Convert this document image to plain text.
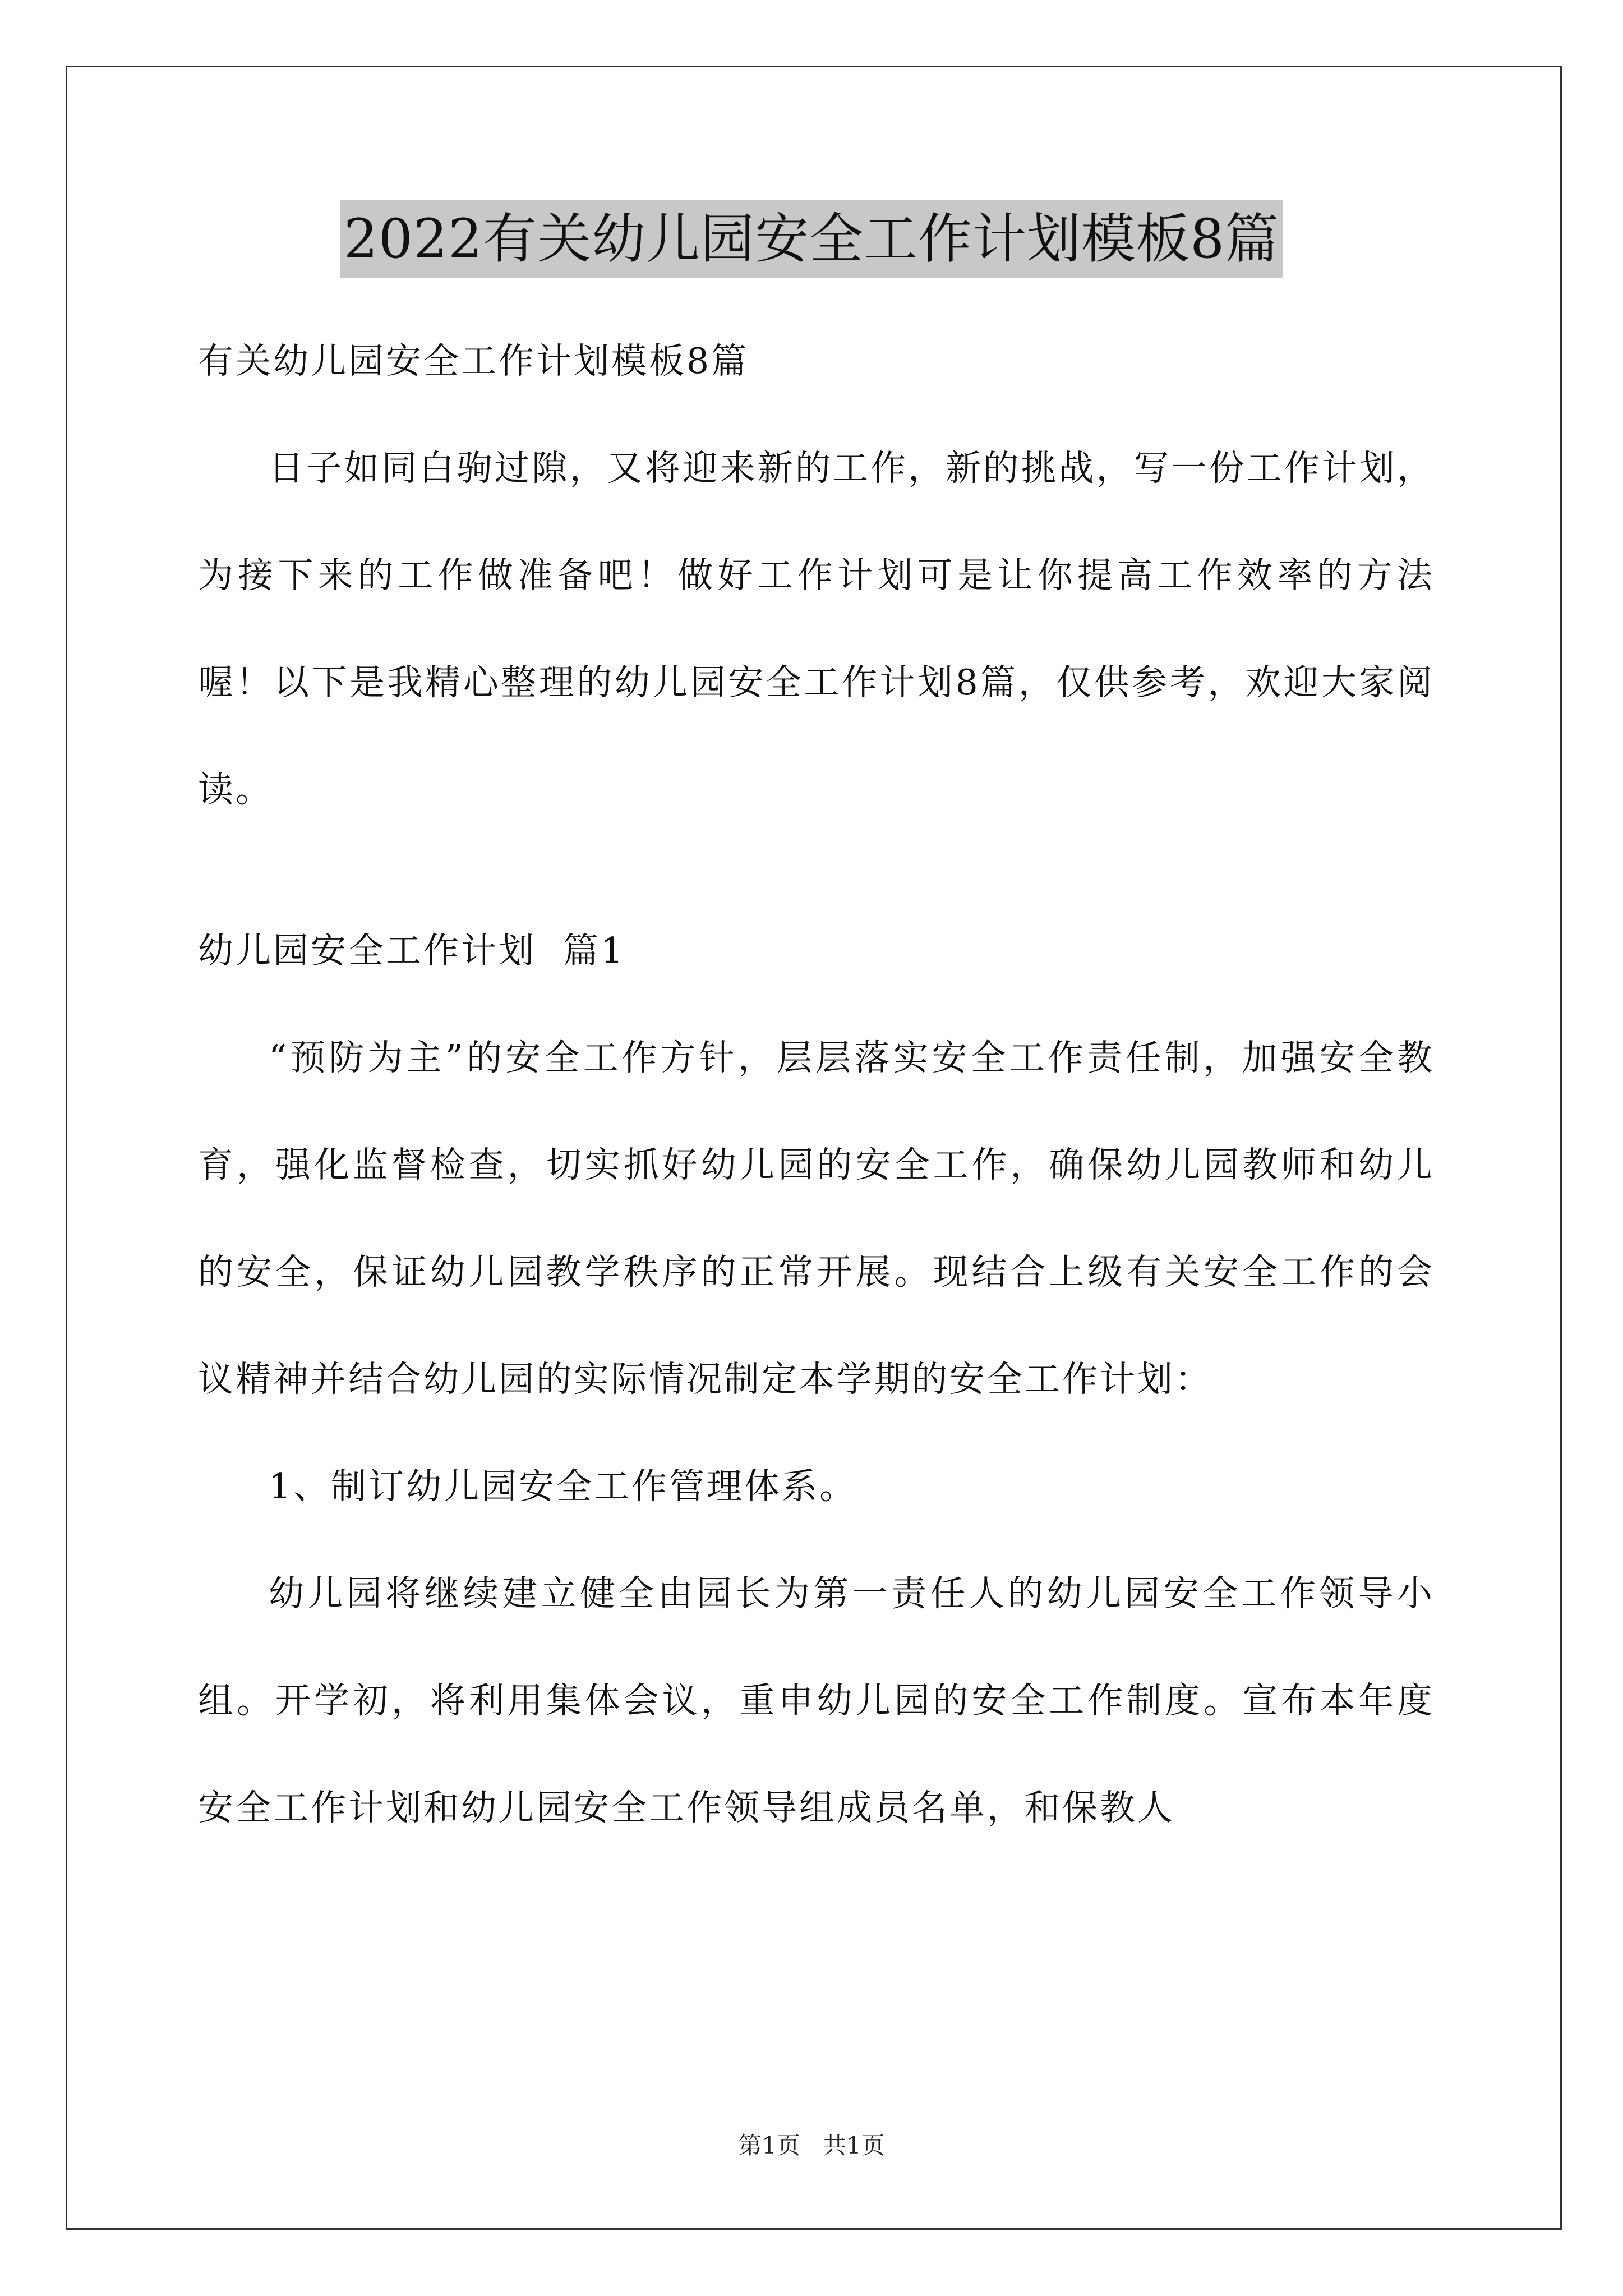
2022有关幼儿园安全工作计划模板8篇

有关幼儿园安全工作计划模板8篇

日子如同白驹过隙，又将迎来新的工作，新的挑战，写一份工作计划，为接下来的工作做准备吧！做好工作计划可是让你提高工作效率的方法喔！以下是我精心整理的幼儿园安全工作计划8篇，仅供参考，欢迎大家阅读。

幼儿园安全工作计划  篇1

“预防为主”的安全工作方针，层层落实安全工作责任制，加强安全教育，强化监督检查，切实抓好幼儿园的安全工作，确保幼儿园教师和幼儿的安全，保证幼儿园教学秩序的正常开展。现结合上级有关安全工作的会议精神并结合幼儿园的实际情况制定本学期的安全工作计划：

1、制订幼儿园安全工作管理体系。

幼儿园将继续建立健全由园长为第一责任人的幼儿园安全工作领导小组。开学初，将利用集体会议，重申幼儿园的安全工作制度。宣布本年度安全工作计划和幼儿园安全工作领导组成员名单，和保教人

第1页 共1页
